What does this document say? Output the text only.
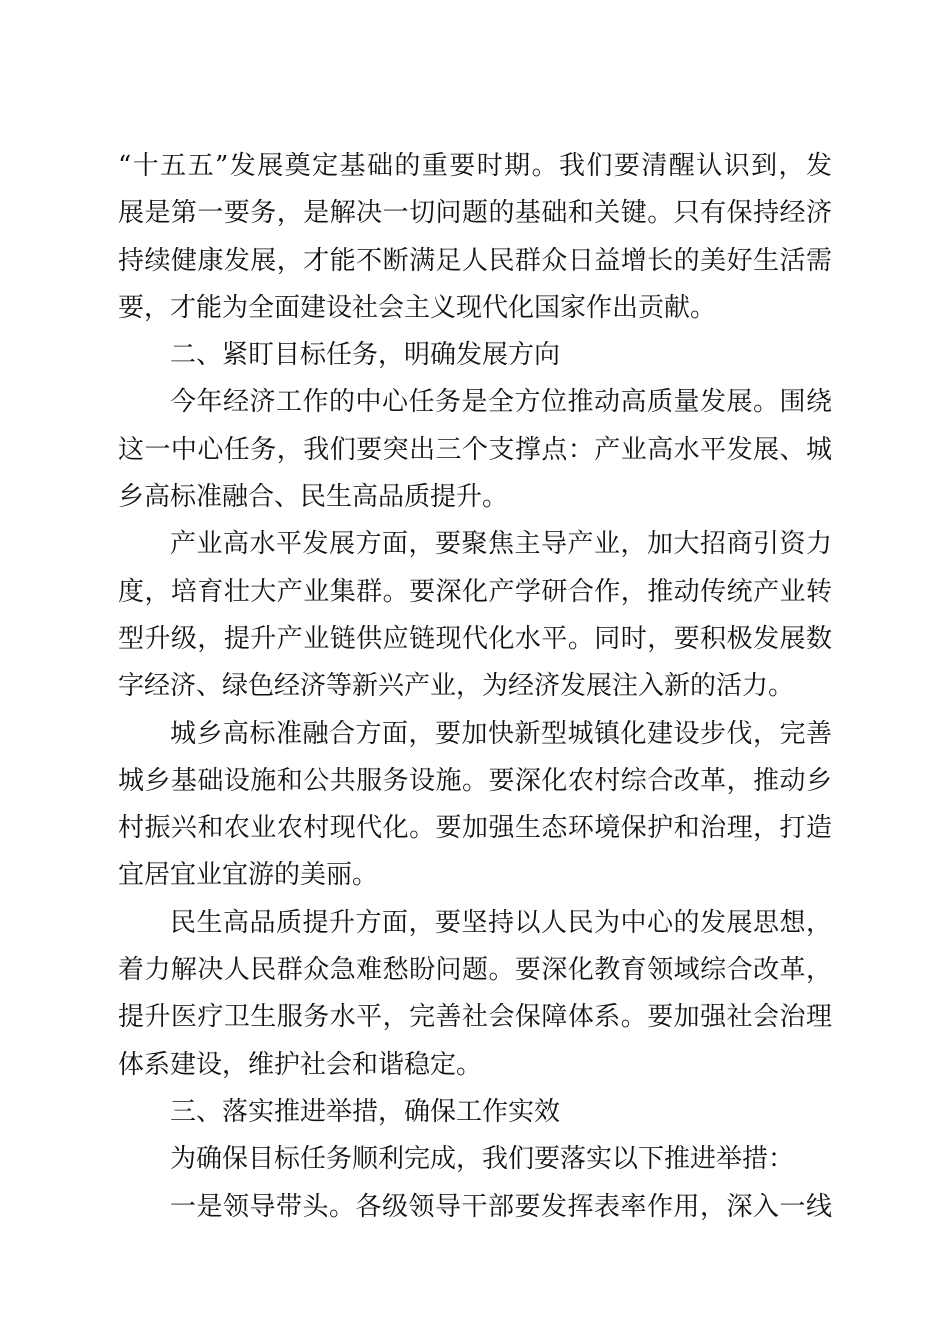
“十五五”发展奠定基础的重要时期。我们要清醒认识到，发
展是第一要务，是解决一切问题的基础和关键。只有保持经济
持续健康发展，才能不断满足人民群众日益增长的美好生活需
要，才能为全面建设社会主义现代化国家作出贡献。
二、紧盯目标任务，明确发展方向
今年经济工作的中心任务是全方位推动高质量发展。围绕
这一中心任务，我们要突出三个支撑点：产业高水平发展、城
乡高标准融合、民生高品质提升。
产业高水平发展方面，要聚焦主导产业，加大招商引资力
度，培育壮大产业集群。要深化产学研合作，推动传统产业转
型升级，提升产业链供应链现代化水平。同时，要积极发展数
字经济、绿色经济等新兴产业，为经济发展注入新的活力。
城乡高标准融合方面，要加快新型城镇化建设步伐，完善
城乡基础设施和公共服务设施。要深化农村综合改革，推动乡
村振兴和农业农村现代化。要加强生态环境保护和治理，打造
宜居宜业宜游的美丽。
民生高品质提升方面，要坚持以人民为中心的发展思想，
着力解决人民群众急难愁盼问题。要深化教育领域综合改革，
提升医疗卫生服务水平，完善社会保障体系。要加强社会治理
体系建设，维护社会和谐稳定。
三、落实推进举措，确保工作实效
为确保目标任务顺利完成，我们要落实以下推进举措：
一是领导带头。各级领导干部要发挥表率作用，深入一线
